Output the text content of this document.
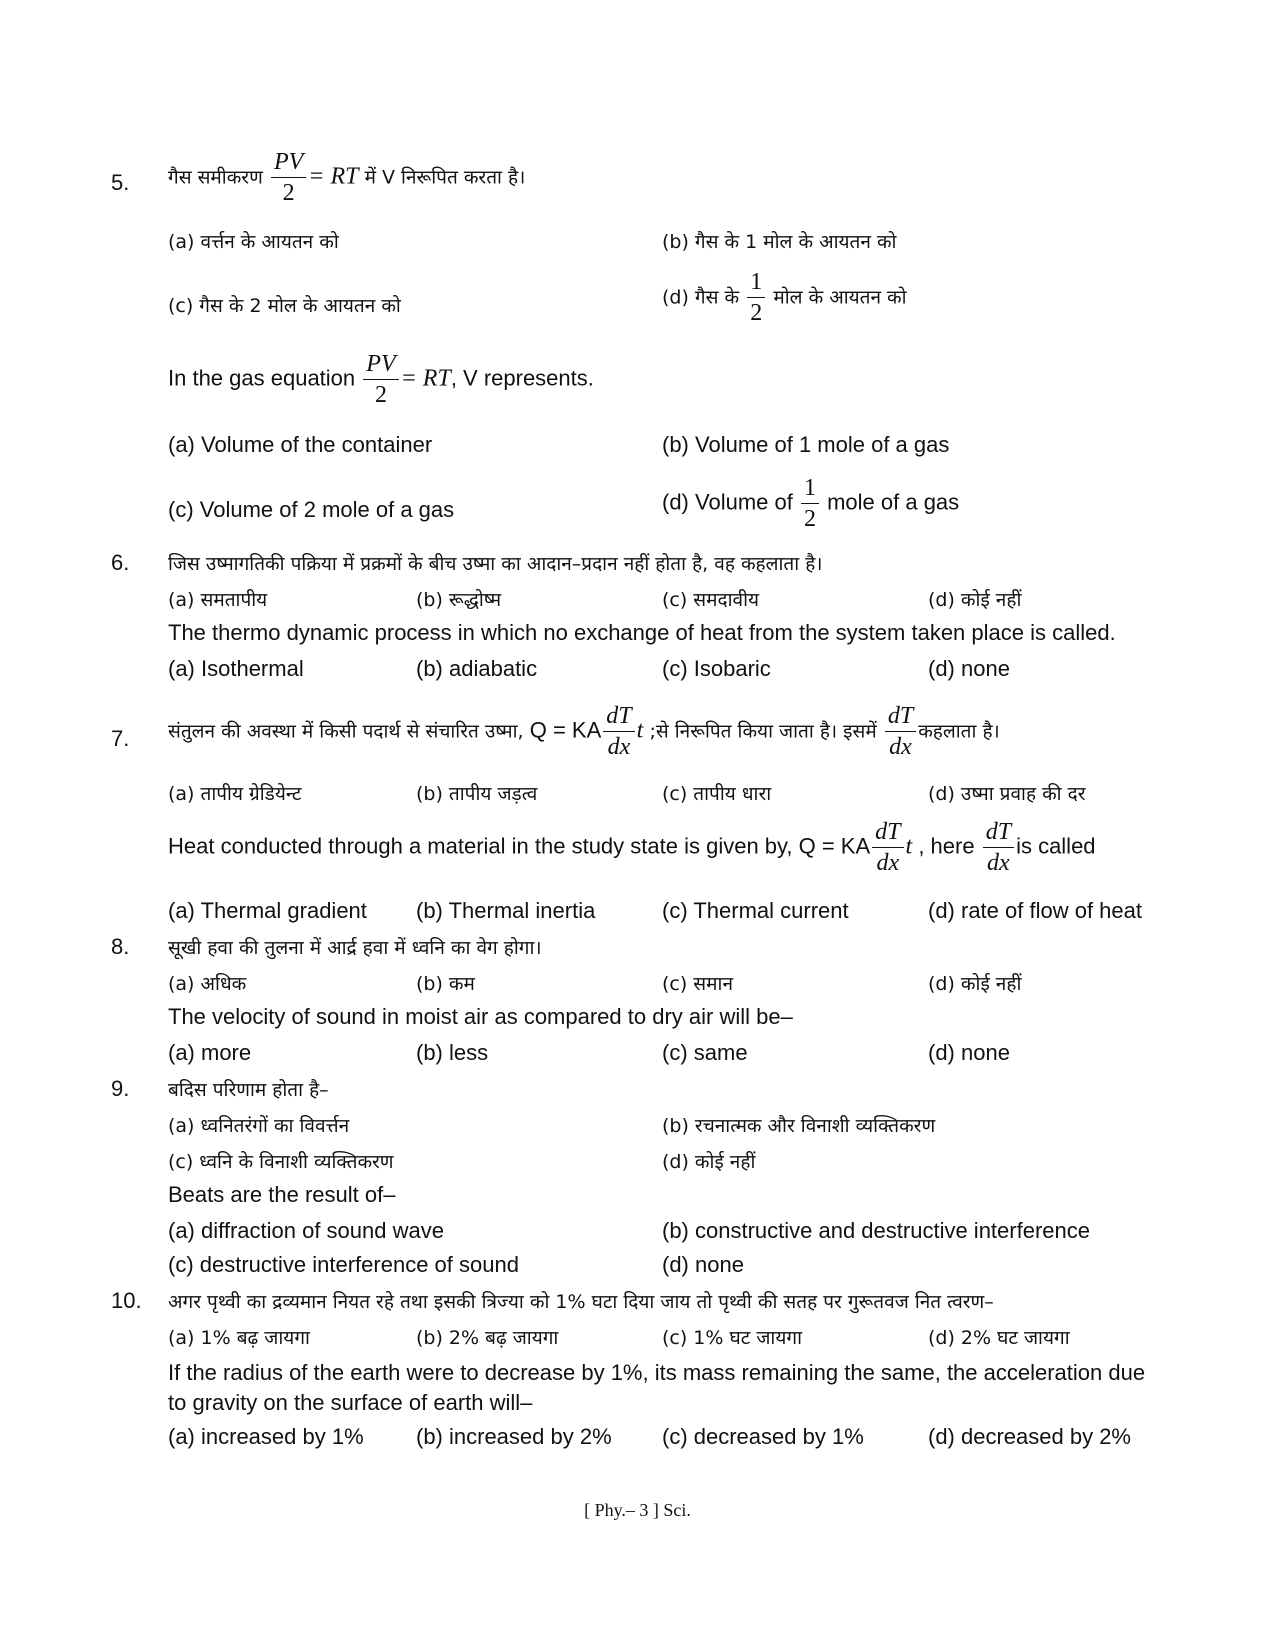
5. गैस समीकरण $\frac{PV}{2}$ = RT में V निरूपित करता है।
(a) वर्त्तन के आयतन को	(b) गैस के 1 मोल के आयतन को
(c) गैस के 2 मोल के आयतन को	(d) गैस के $\frac{1}{2}$ मोल के आयतन को
In the gas equation $\frac{PV}{2}$ = RT, V represents.
(a) Volume of the container	(b) Volume of 1 mole of a gas
(c) Volume of 2 mole of a gas	(d) Volume of $\frac{1}{2}$ mole of a gas
6. जिस उष्मागतिकी पक्रिया में प्रक्रमों के बीच उष्मा का आदान–प्रदान नहीं होता है, वह कहलाता है।
(a) समतापीय	(b) रूद्धोष्म	(c) समदावीय	(d) कोई नहीं
The thermo dynamic process in which no exchange of heat from the system taken place is called.
(a) Isothermal	(b) adiabatic	(c) Isobaric	(d) none
7. संतुलन की अवस्था में किसी पदार्थ से संचारित उष्मा, Q = KA $\frac{dT}{dx}$ t ;से निरूपित किया जाता है। इसमें $\frac{dT}{dx}$ कहलाता है।
(a) तापीय ग्रेडियेन्ट	(b) तापीय जड़त्व	(c) तापीय धारा	(d) उष्मा प्रवाह की दर
Heat conducted through a material in the study state is given by, Q = KA $\frac{dT}{dx}$ t , here $\frac{dT}{dx}$ is called
(a) Thermal gradient (b) Thermal inertia	(c) Thermal current	(d) rate of flow of heat
8. सूखी हवा की तुलना में आर्द्र हवा में ध्वनि का वेग होगा।
(a) अधिक	(b) कम	(c) समान	(d) कोई नहीं
The velocity of sound in moist air as compared to dry air will be–
(a) more	(b) less	(c) same	(d) none
9. बदिस परिणाम होता है–
(a) ध्वनितरंगों का विवर्त्तन	(b) रचनात्मक और विनाशी व्यक्तिकरण
(c) ध्वनि के विनाशी व्यक्तिकरण	(d) कोई नहीं
Beats are the result of–
(a) diffraction of sound wave	(b) constructive and destructive interference
(c) destructive interference of sound	(d) none
10. अगर पृथ्वी का द्रव्यमान नियत रहे तथा इसकी त्रिज्या को 1% घटा दिया जाय तो पृथ्वी की सतह पर गुरूतवज नित त्वरण–
(a) 1% बढ़ जायगा	(b) 2% बढ़ जायगा	(c) 1% घट जायगा	(d) 2% घट जायगा
If the radius of the earth were to decrease by 1%, its mass remaining the same, the acceleration due
to gravity on the surface of earth will–
(a) increased by 1% (b) increased by 2% (c) decreased by 1%	(d) decreased by 2%
[ Phy.– 3 ] Sci.
